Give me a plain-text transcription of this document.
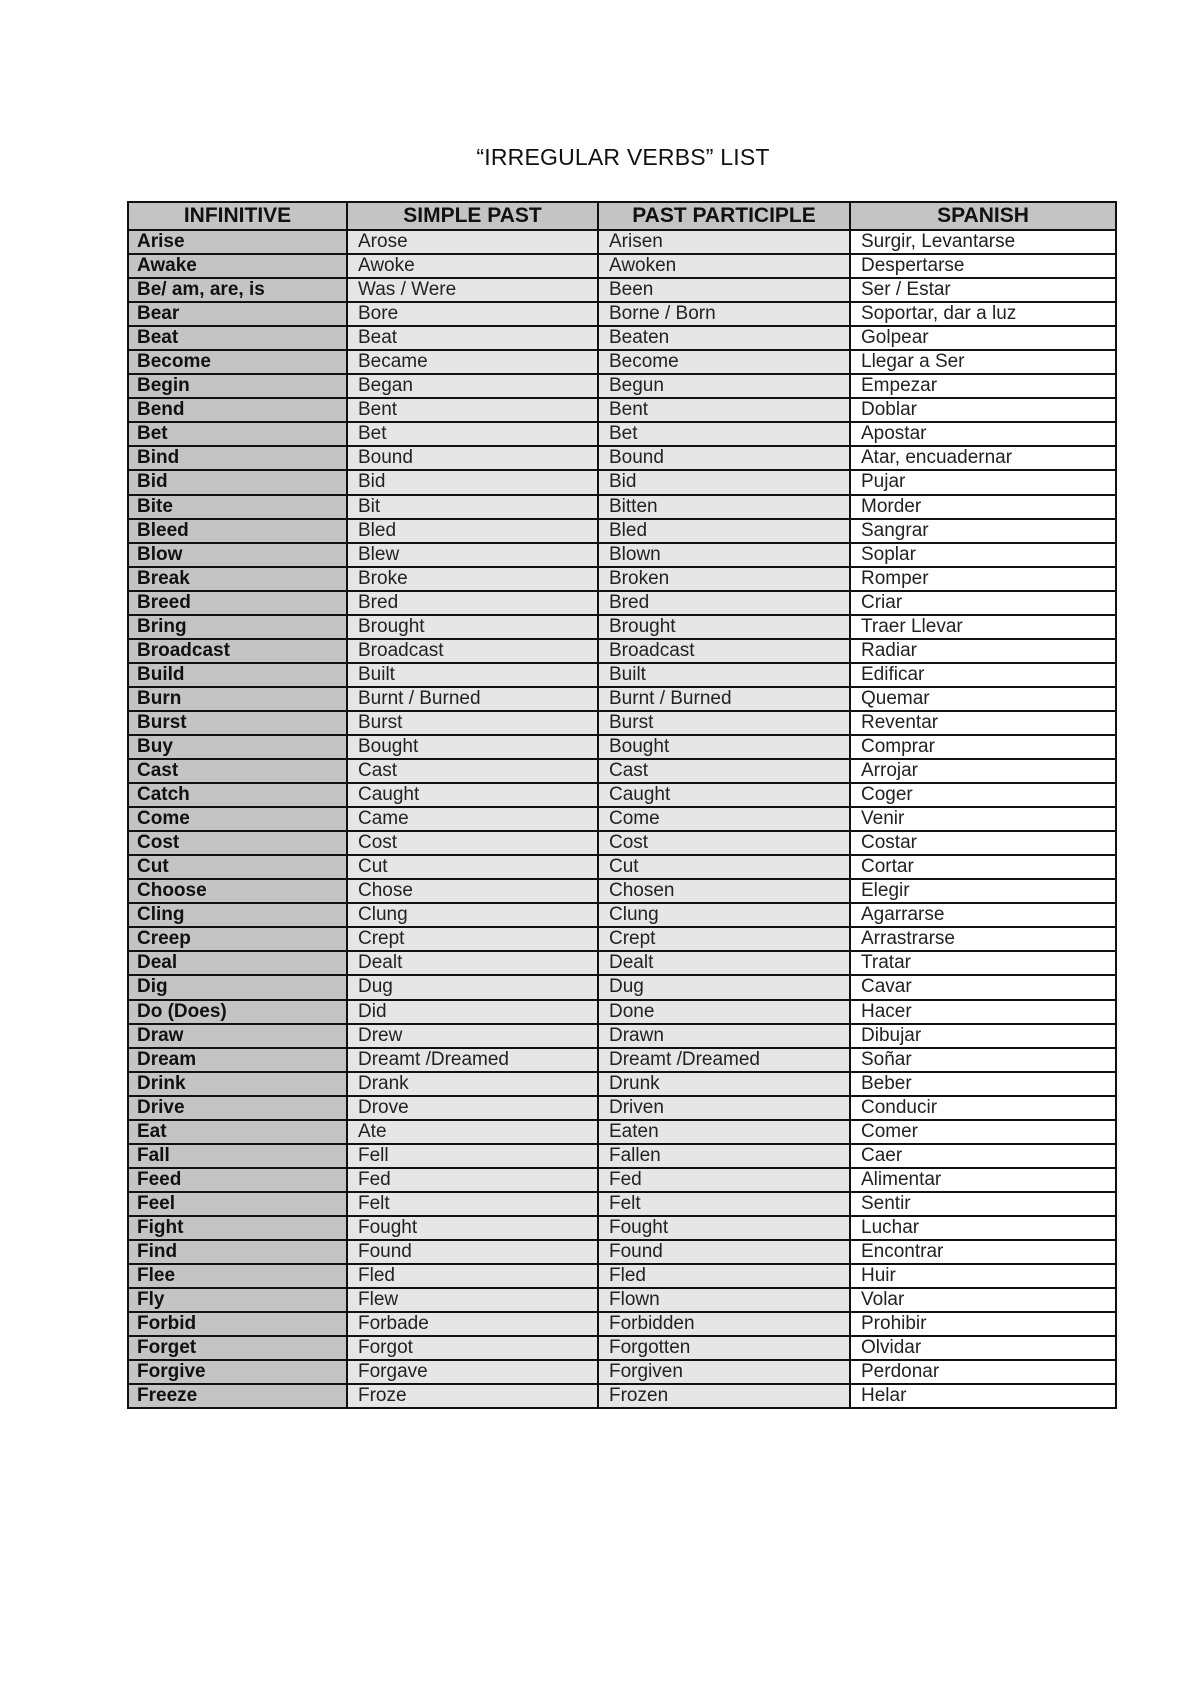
“IRREGULAR VERBS” LIST
INFINITIVE	SIMPLE PAST	PAST PARTICIPLE	SPANISH
Arise	Arose	Arisen	Surgir, Levantarse
Awake	Awoke	Awoken	Despertarse
Be/ am, are, is	Was / Were	Been	Ser / Estar
Bear	Bore	Borne / Born	Soportar, dar a luz
Beat	Beat	Beaten	Golpear
Become	Became	Become	Llegar a Ser
Begin	Began	Begun	Empezar
Bend	Bent	Bent	Doblar
Bet	Bet	Bet	Apostar
Bind	Bound	Bound	Atar, encuadernar
Bid	Bid	Bid	Pujar
Bite	Bit	Bitten	Morder
Bleed	Bled	Bled	Sangrar
Blow	Blew	Blown	Soplar
Break	Broke	Broken	Romper
Breed	Bred	Bred	Criar
Bring	Brought	Brought	Traer Llevar
Broadcast	Broadcast	Broadcast	Radiar
Build	Built	Built	Edificar
Burn	Burnt / Burned	Burnt / Burned	Quemar
Burst	Burst	Burst	Reventar
Buy	Bought	Bought	Comprar
Cast	Cast	Cast	Arrojar
Catch	Caught	Caught	Coger
Come	Came	Come	Venir
Cost	Cost	Cost	Costar
Cut	Cut	Cut	Cortar
Choose	Chose	Chosen	Elegir
Cling	Clung	Clung	Agarrarse
Creep	Crept	Crept	Arrastrarse
Deal	Dealt	Dealt	Tratar
Dig	Dug	Dug	Cavar
Do (Does)	Did	Done	Hacer
Draw	Drew	Drawn	Dibujar
Dream	Dreamt /Dreamed	Dreamt /Dreamed	Soñar
Drink	Drank	Drunk	Beber
Drive	Drove	Driven	Conducir
Eat	Ate	Eaten	Comer
Fall	Fell	Fallen	Caer
Feed	Fed	Fed	Alimentar
Feel	Felt	Felt	Sentir
Fight	Fought	Fought	Luchar
Find	Found	Found	Encontrar
Flee	Fled	Fled	Huir
Fly	Flew	Flown	Volar
Forbid	Forbade	Forbidden	Prohibir
Forget	Forgot	Forgotten	Olvidar
Forgive	Forgave	Forgiven	Perdonar
Freeze	Froze	Frozen	Helar
